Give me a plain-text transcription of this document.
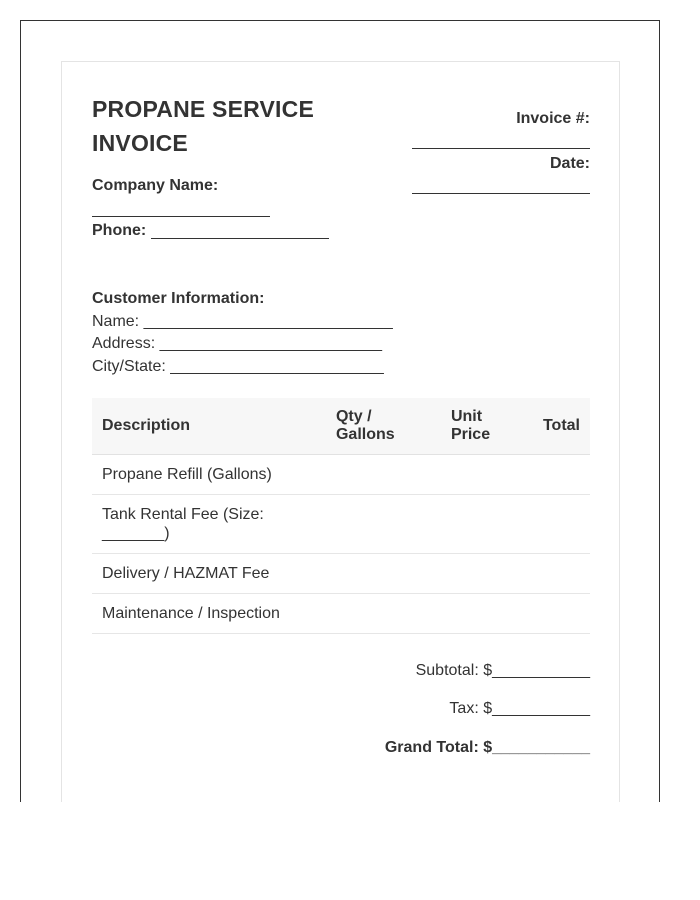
PROPANE SERVICE INVOICE
Company Name:
Phone:
Invoice #:
Date:
Customer Information:
Name: ____________________________
Address: _________________________
City/State: ________________________
Description	Qty / Gallons	Unit Price	Total
Propane Refill (Gallons)			
Tank Rental Fee (Size: _______)			
Delivery / HAZMAT Fee			
Maintenance / Inspection			
Subtotal: $___________
Tax: $___________
Grand Total: $___________
